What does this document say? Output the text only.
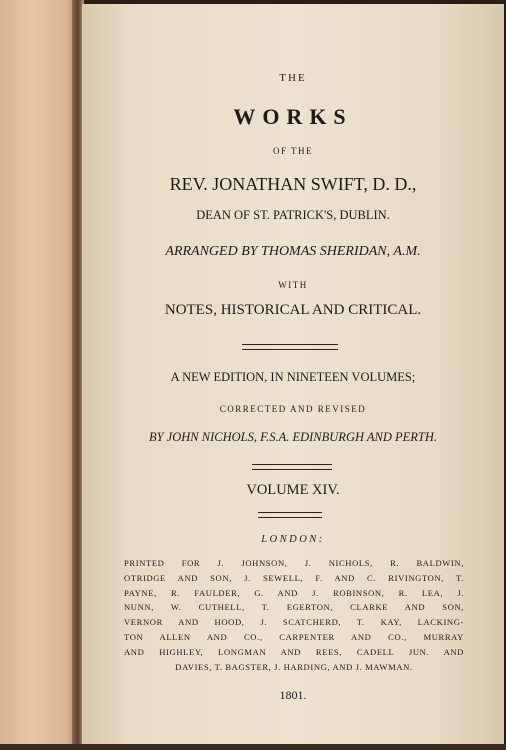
THE
WORKS
OF THE
REV. JONATHAN SWIFT, D. D.,
DEAN OF ST. PATRICK'S, DUBLIN.
ARRANGED BY THOMAS SHERIDAN, A.M.
WITH
NOTES, HISTORICAL AND CRITICAL.
A NEW EDITION, IN NINETEEN VOLUMES;
CORRECTED AND REVISED
BY JOHN NICHOLS, F.S.A. EDINBURGH AND PERTH.
VOLUME XIV.
LONDON:
PRINTED FOR J. JOHNSON, J. NICHOLS, R. BALDWIN,
OTRIDGE AND SON, J. SEWELL, F. AND C. RIVINGTON, T.
PAYNE, R. FAULDER, G. AND J. ROBINSON, R. LEA, J.
NUNN, W. CUTHELL, T. EGERTON, CLARKE AND SON,
VERNOR AND HOOD, J. SCATCHERD, T. KAY, LACKING-
TON ALLEN AND CO., CARPENTER AND CO., MURRAY
AND HIGHLEY, LONGMAN AND REES, CADELL JUN. AND
DAVIES, T. BAGSTER, J. HARDING, AND J. MAWMAN.
1801.
